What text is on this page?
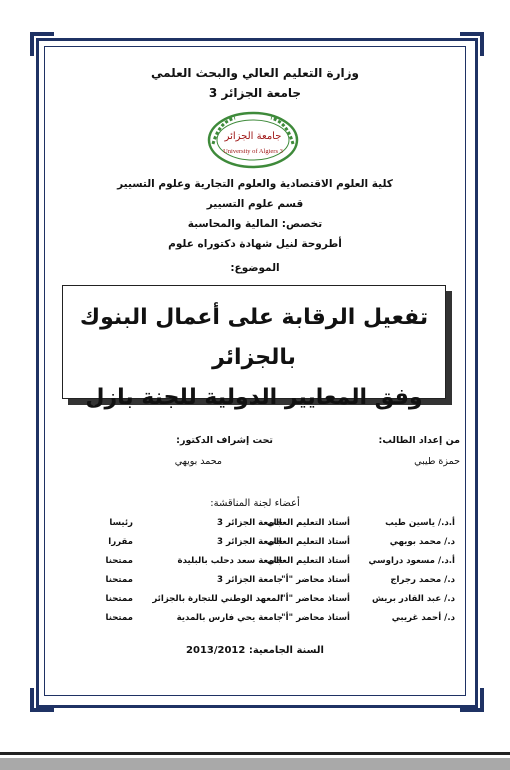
وزارة التعليم العالي والبحث العلمي
جامعة الجزائر 3
جامعة الجزائر
University of Algiers 3
كلية العلوم الاقتصادية والعلوم التجارية وعلوم التسيير
قسم علوم التسيير
تخصص: المالية والمحاسبة
أطروحة لنيل شهادة دكتوراه علوم
الموضوع:
تفعيل الرقابة على أعمال البنوك بالجزائر
وفق المعايير الدولية للجنة بازل
من إعداد الطالب:
حمزة طيبي
تحت إشراف الدكتور:
محمد بويهي
أعضاء لجنة المناقشة:
أ.د./ ياسين طيب
أستاذ التعليم العالي
جامعة الجزائر 3
رئيسا
د./ محمد بويهي
أستاذ التعليم العالي
جامعة الجزائر 3
مقررا
أ.د./ مسعود دراوسي
أستاذ التعليم العالي
جامعة سعد دحلب بالبليدة
ممتحنا
د./ محمد رجراج
أستاذ محاضر "أ"
جامعة الجزائر 3
ممتحنا
د./ عبد القادر بريش
أستاذ محاضر "أ"
المعهد الوطني للتجارة بالجزائر
ممتحنا
د./ أحمد غريبي
أستاذ محاضر "أ"
جامعة يحي فارس بالمدية
ممتحنا
السنة الجامعية: 2013/2012
